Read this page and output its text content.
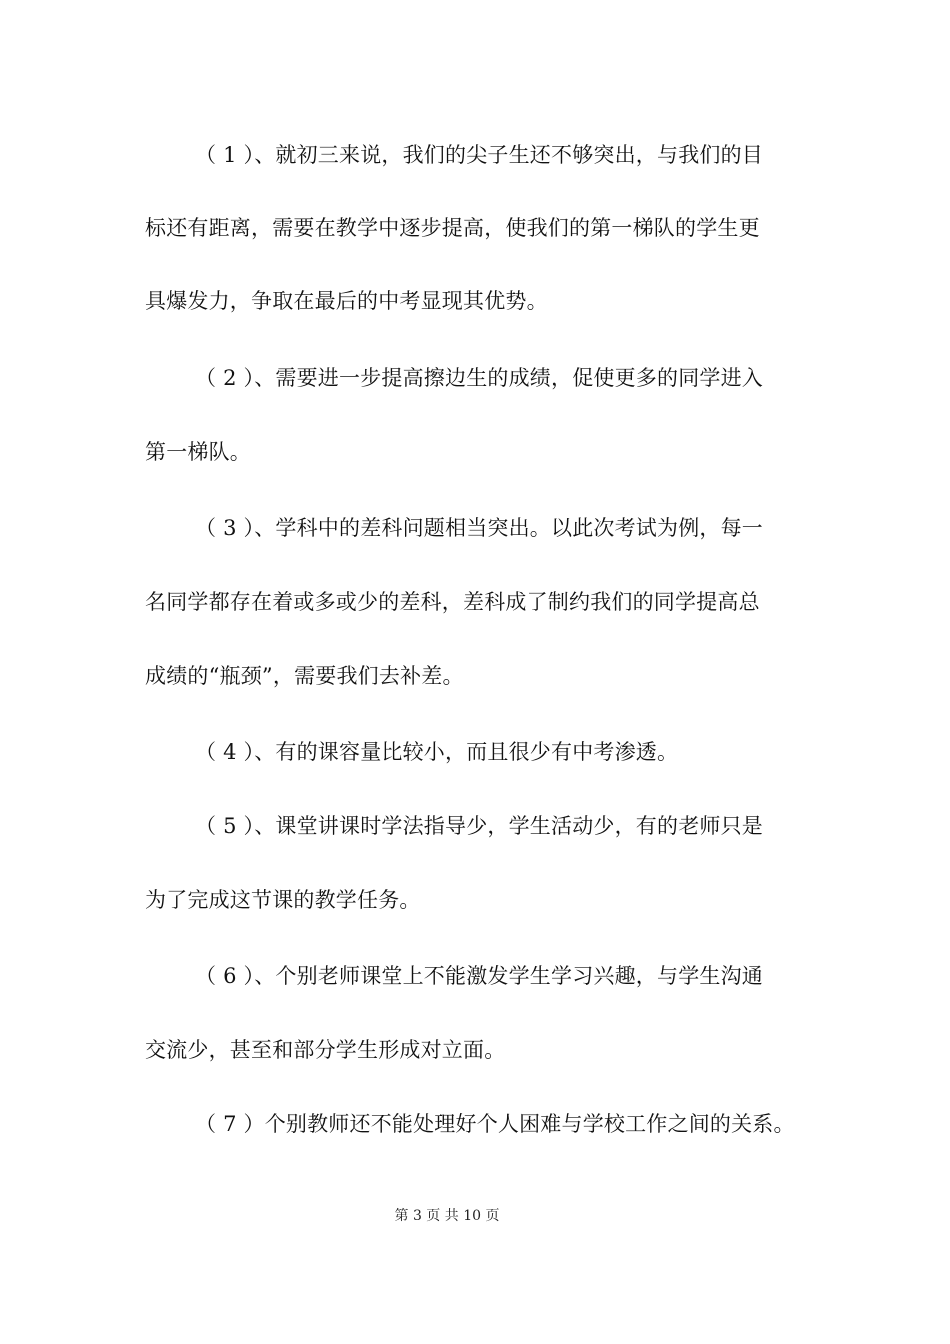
（ 1 ）、就初三来说，我们的尖子生还不够突出，与我们的目
标还有距离，需要在教学中逐步提高，使我们的第一梯队的学生更
具爆发力，争取在最后的中考显现其优势。
（ 2 ）、需要进一步提高擦边生的成绩，促使更多的同学进入
第一梯队。
（ 3 ）、学科中的差科问题相当突出。以此次考试为例，每一
名同学都存在着或多或少的差科，差科成了制约我们的同学提高总
成绩的“瓶颈”，需要我们去补差。
（ 4 ）、有的课容量比较小，而且很少有中考渗透。
（ 5 ）、课堂讲课时学法指导少，学生活动少，有的老师只是
为了完成这节课的教学任务。
（ 6 ）、个别老师课堂上不能激发学生学习兴趣，与学生沟通
交流少，甚至和部分学生形成对立面。
（ 7 ）个别教师还不能处理好个人困难与学校工作之间的关系。
第 3 页 共 10 页
